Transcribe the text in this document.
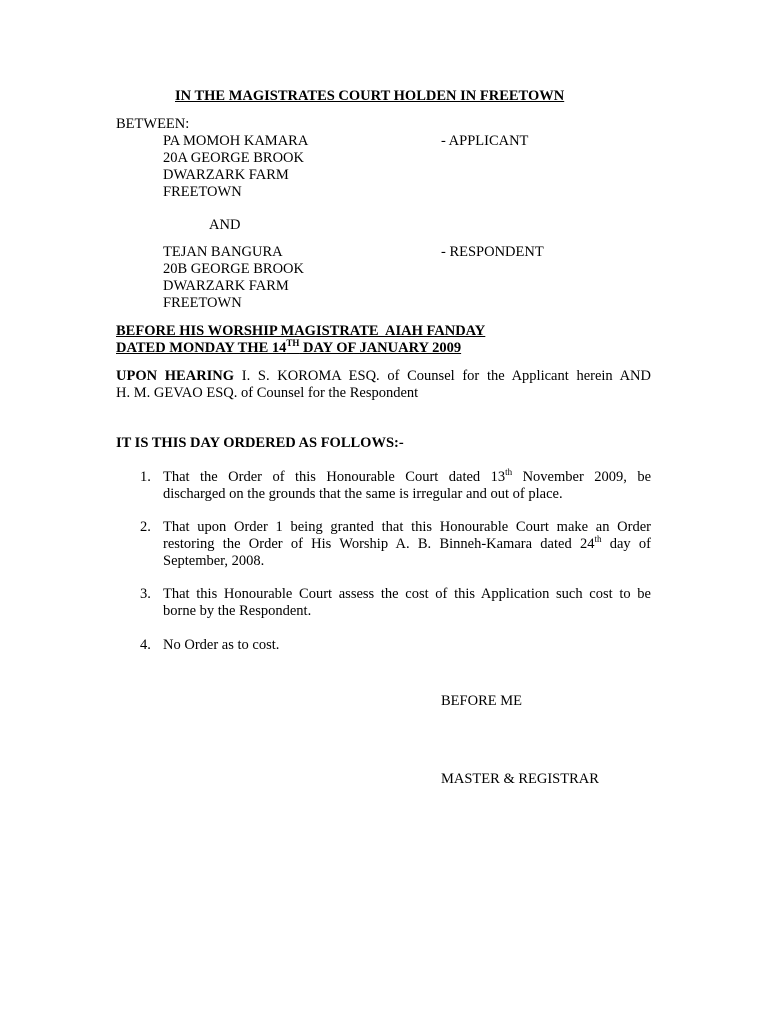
IN THE MAGISTRATES COURT HOLDEN IN FREETOWN
BETWEEN:
PA MOMOH KAMARA
20A GEORGE BROOK
DWARZARK FARM
FREETOWN
- APPLICANT
AND
TEJAN BANGURA
20B GEORGE BROOK
DWARZARK FARM
FREETOWN
- RESPONDENT
BEFORE HIS WORSHIP MAGISTRATE  AIAH FANDAY
DATED MONDAY THE 14TH DAY OF JANUARY 2009
UPON HEARING I. S. KOROMA ESQ. of Counsel for the Applicant herein AND
H. M. GEVAO ESQ. of Counsel for the Respondent
IT IS THIS DAY ORDERED AS FOLLOWS:-
1. That the Order of this Honourable Court dated 13th November 2009, be
discharged on the grounds that the same is irregular and out of place.
2. That upon Order 1 being granted that this Honourable Court make an Order
restoring the Order of His Worship A. B. Binneh-Kamara dated 24th day of
September, 2008.
3. That this Honourable Court assess the cost of this Application such cost to be
borne by the Respondent.
4. No Order as to cost.
BEFORE ME
MASTER & REGISTRAR
